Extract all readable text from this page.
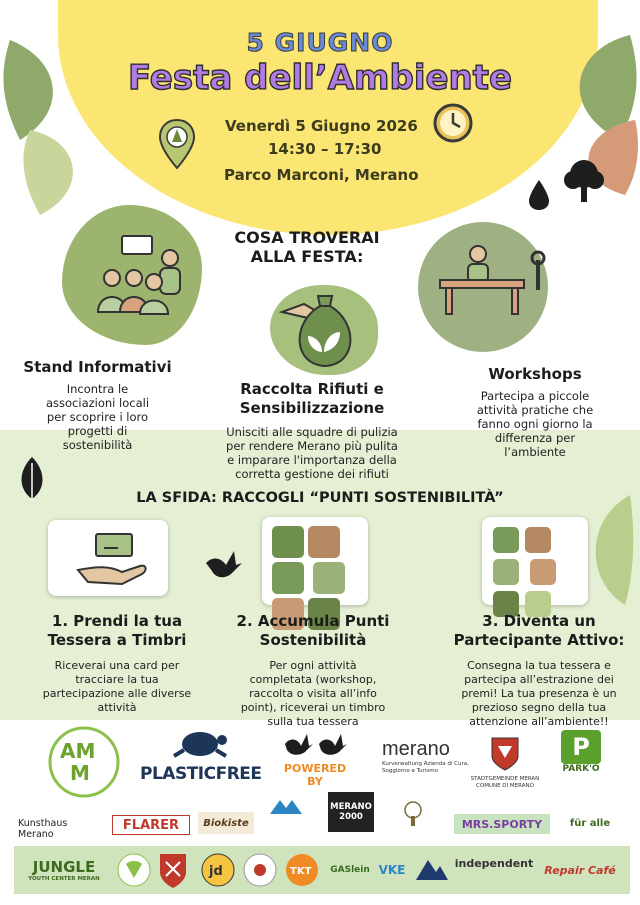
5 GIUGNO
Festa dell’Ambiente
Venerdì 5 Giugno 2026
14:30 – 17:30
Parco Marconi, Merano
COSA TROVERAI ALLA FESTA:
Stand Informativi
Incontra le associazioni locali per scoprire i loro progetti di sostenibilità
Raccolta Rifiuti e Sensibilizzazione
Unisciti alle squadre di pulizia per rendere Merano più pulita e imparare l'importanza della corretta gestione dei rifiuti
Workshops
Partecipa a piccole attività pratiche che fanno ogni giorno la differenza per l’ambiente
LA SFIDA: RACCOGLI “PUNTI SOSTENIBILITÀ”

1. Prendi la tua Tessera a Timbri
Riceverai una card per tracciare la tua partecipazione alle diverse attività
2. Accumula Punti Sostenibilità
Per ogni attività completata (workshop, raccolta o visita all’info point), riceverai un timbro sulla tua tessera
3. Diventa un Partecipante Attivo:
Consegna la tua tessera e partecipa all’estrazione dei premi! La tua presenza è un prezioso segno della tua attenzione all’ambiente!!
AM
M	PLASTICFREE	POWERED BY
merano
Kurverwaltung Azienda di Cura, Soggiorno e Turismo
STADTGEMEINDE MERAN COMUNE DI MERANO
P
PARK'O
Kunsthaus Merano
FLARER	Biokiste
MERANO 2000
MRS.SPORTY	für alle
JUNGLE
YOUTH CENTER MERAN	jd	TKT GASlein VKE	independent
Repair Café
